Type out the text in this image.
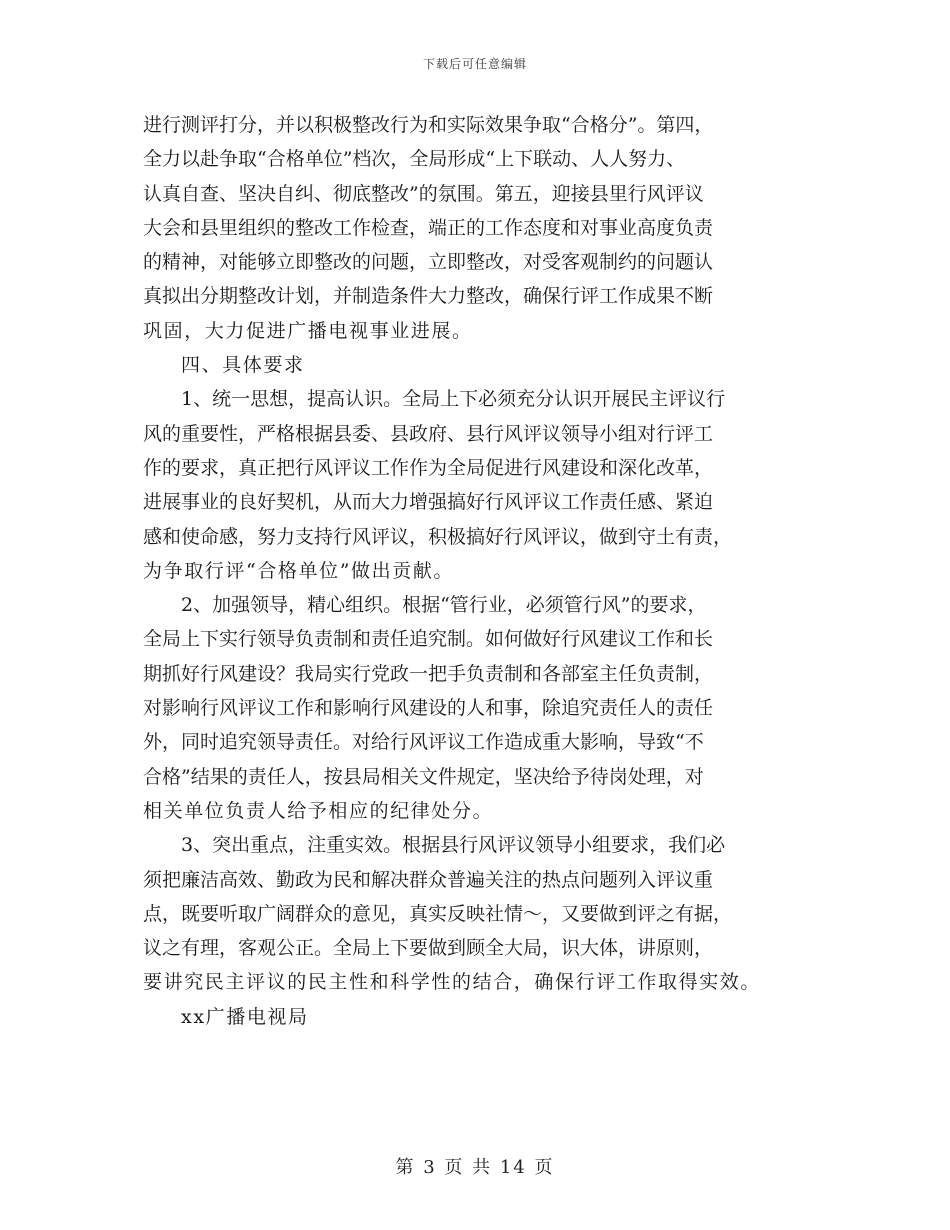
下载后可任意编辑
进行测评打分，并以积极整改行为和实际效果争取“合格分”。第四，
全力以赴争取“合格单位”档次，全局形成“上下联动、人人努力、
认真自查、坚决自纠、彻底整改”的氛围。第五，迎接县里行风评议
大会和县里组织的整改工作检查，端正的工作态度和对事业高度负责
的精神，对能够立即整改的问题，立即整改，对受客观制约的问题认
真拟出分期整改计划，并制造条件大力整改，确保行评工作成果不断
巩固，大力促进广播电视事业进展。
四、具体要求
1、统一思想，提高认识。全局上下必须充分认识开展民主评议行
风的重要性，严格根据县委、县政府、县行风评议领导小组对行评工
作的要求，真正把行风评议工作作为全局促进行风建设和深化改革，
进展事业的良好契机，从而大力增强搞好行风评议工作责任感、紧迫
感和使命感，努力支持行风评议，积极搞好行风评议，做到守土有责，
为争取行评“合格单位”做出贡献。
2、加强领导，精心组织。根据“管行业，必须管行风”的要求，
全局上下实行领导负责制和责任追究制。如何做好行风建议工作和长
期抓好行风建设？我局实行党政一把手负责制和各部室主任负责制，
对影响行风评议工作和影响行风建设的人和事，除追究责任人的责任
外，同时追究领导责任。对给行风评议工作造成重大影响，导致“不
合格”结果的责任人，按县局相关文件规定，坚决给予待岗处理，对
相关单位负责人给予相应的纪律处分。
3、突出重点，注重实效。根据县行风评议领导小组要求，我们必
须把廉洁高效、勤政为民和解决群众普遍关注的热点问题列入评议重
点，既要听取广阔群众的意见，真实反映社情～，又要做到评之有据，
议之有理，客观公正。全局上下要做到顾全大局，识大体，讲原则，
要讲究民主评议的民主性和科学性的结合，确保行评工作取得实效。
xx广播电视局
第 3 页 共 14 页
